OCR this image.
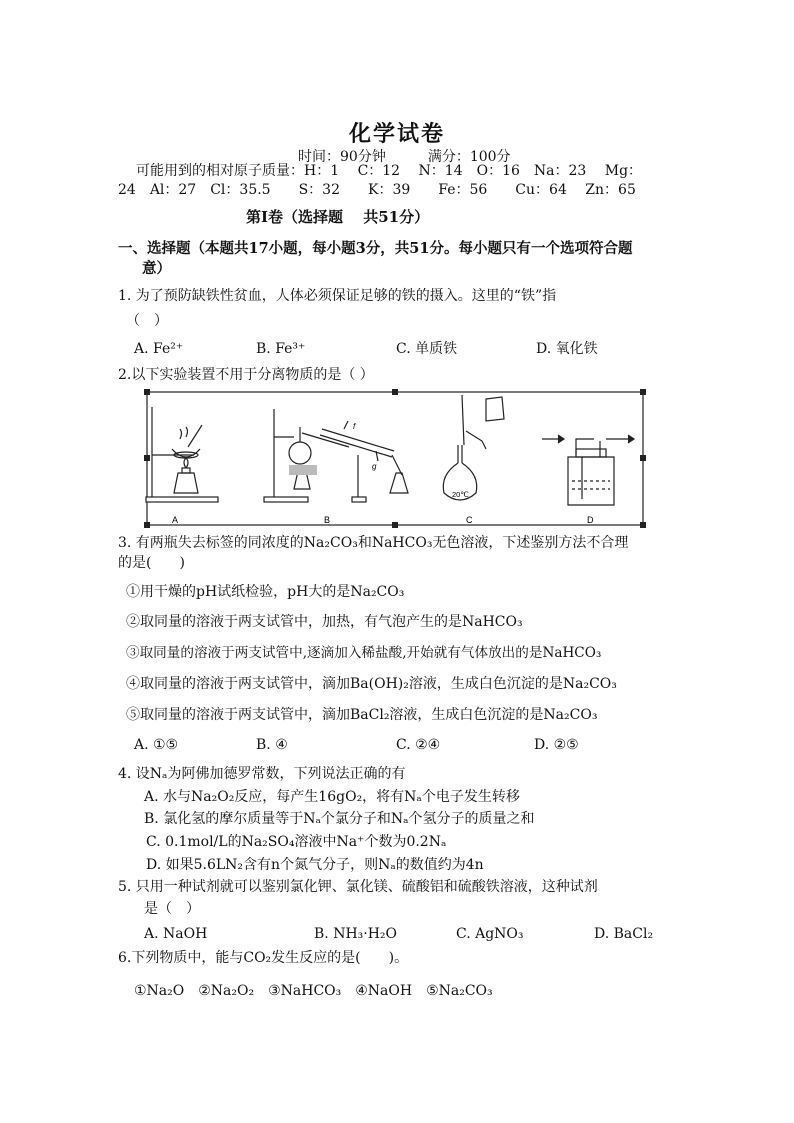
化学试卷
时间：90分钟	满分：100分
可能用到的相对原子质量：H：1　 C：12　 N：14　O：16　Na：23　 Mg：
24　Al：27　Cl：35.5　　S：32　　K：39　　Fe：56　　Cu：64　 Zn：65
第Ⅰ卷（选择题　 共51分）
一、选择题（本题共17小题，每小题3分，共51分。每小题只有一个选项符合题
意）
1. 为了预防缺铁性贫血，人体必须保证足够的铁的摄入。这里的“铁”指
（　）
A. Fe²⁺	B. Fe³⁺	C. 单质铁	D. 氧化铁
2.以下实验装置不用于分离物质的是（ ）
A
f
g
B
20℃
C	D
3. 有两瓶失去标签的同浓度的Na₂CO₃和NaHCO₃无色溶液，下述鉴别方法不合理
的是(　　)
①用干燥的pH试纸检验，pH大的是Na₂CO₃
②取同量的溶液于两支试管中，加热，有气泡产生的是NaHCO₃
③取同量的溶液于两支试管中,逐滴加入稀盐酸,开始就有气体放出的是NaHCO₃
④取同量的溶液于两支试管中，滴加Ba(OH)₂溶液，生成白色沉淀的是Na₂CO₃
⑤取同量的溶液于两支试管中，滴加BaCl₂溶液，生成白色沉淀的是Na₂CO₃
A. ①⑤	B. ④	C. ②④	D. ②⑤
4. 设Nₐ为阿佛加德罗常数，下列说法正确的有
A. 水与Na₂O₂反应，每产生16gO₂，将有Nₐ个电子发生转移
B. 氯化氢的摩尔质量等于Nₐ个氯分子和Nₐ个氢分子的质量之和
C. 0.1mol/L的Na₂SO₄溶液中Na⁺个数为0.2Nₐ
D. 如果5.6LN₂含有n个氮气分子，则Nₐ的数值约为4n
5. 只用一种试剂就可以鉴别氯化钾、氯化镁、硫酸铝和硫酸铁溶液，这种试剂
是（　）
A. NaOH	B. NH₃·H₂O	C. AgNO₃	D. BaCl₂
6.下列物质中，能与CO₂发生反应的是(　　)。
①Na₂O　②Na₂O₂　③NaHCO₃　④NaOH　⑤Na₂CO₃
